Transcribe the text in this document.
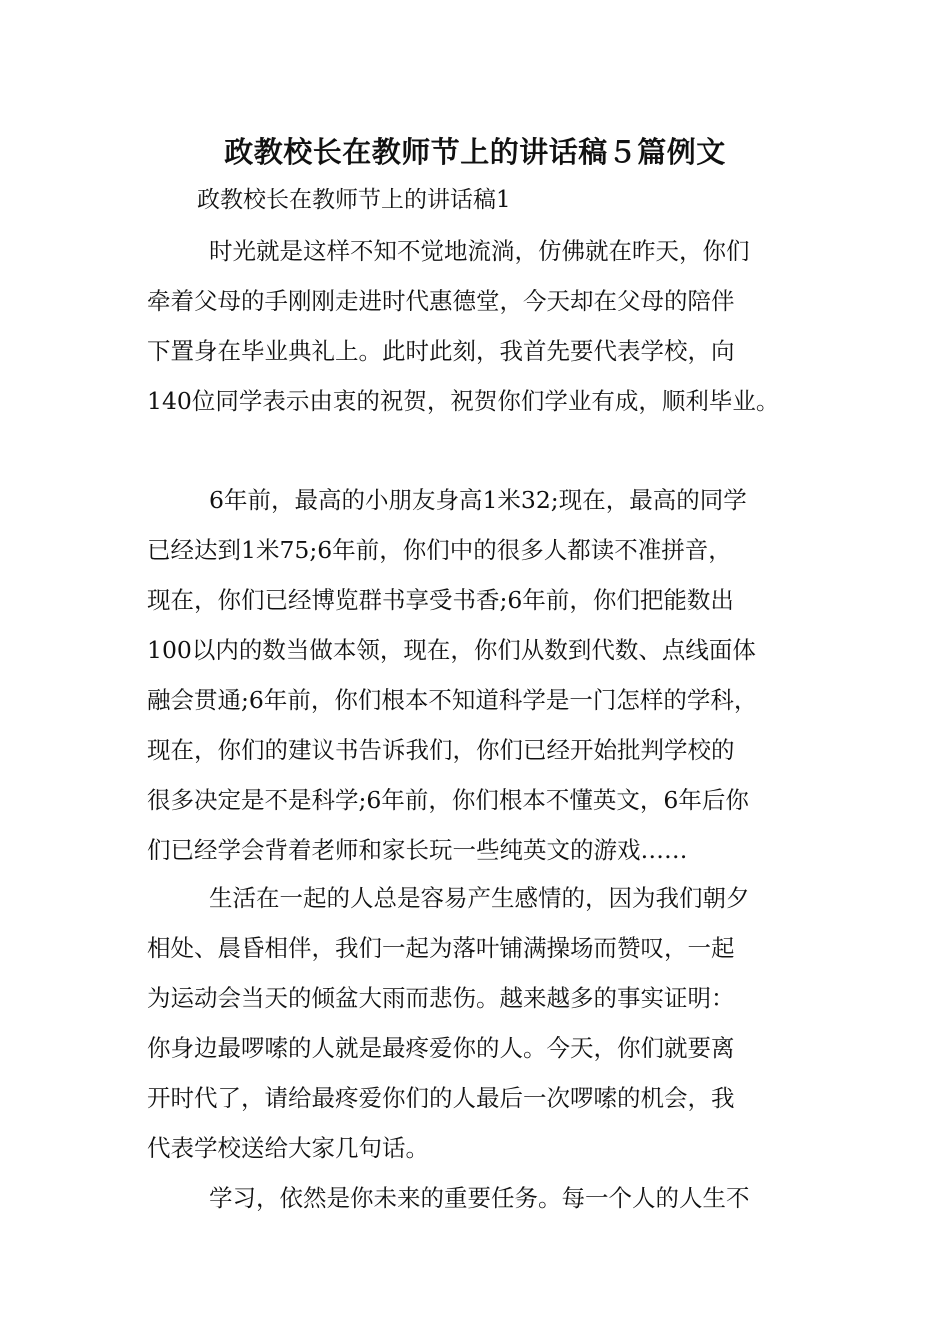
政教校长在教师节上的讲话稿５篇例文

政教校长在教师节上的讲话稿1

时光就是这样不知不觉地流淌，仿佛就在昨天，你们
牵着父母的手刚刚走进时代惠德堂，今天却在父母的陪伴
下置身在毕业典礼上。此时此刻，我首先要代表学校，向
140位同学表示由衷的祝贺，祝贺你们学业有成，顺利毕业。
6年前，最高的小朋友身高1米32;现在，最高的同学
已经达到1米75;6年前，你们中的很多人都读不准拼音，
现在，你们已经博览群书享受书香;6年前，你们把能数出
100以内的数当做本领，现在，你们从数到代数、点线面体
融会贯通;6年前，你们根本不知道科学是一门怎样的学科，
现在，你们的建议书告诉我们，你们已经开始批判学校的
很多决定是不是科学;6年前，你们根本不懂英文，6年后你
们已经学会背着老师和家长玩一些纯英文的游戏……
生活在一起的人总是容易产生感情的，因为我们朝夕
相处、晨昏相伴，我们一起为落叶铺满操场而赞叹，一起
为运动会当天的倾盆大雨而悲伤。越来越多的事实证明：
你身边最啰嗦的人就是最疼爱你的人。今天，你们就要离
开时代了，请给最疼爱你们的人最后一次啰嗦的机会，我
代表学校送给大家几句话。
学习，依然是你未来的重要任务。每一个人的人生不
